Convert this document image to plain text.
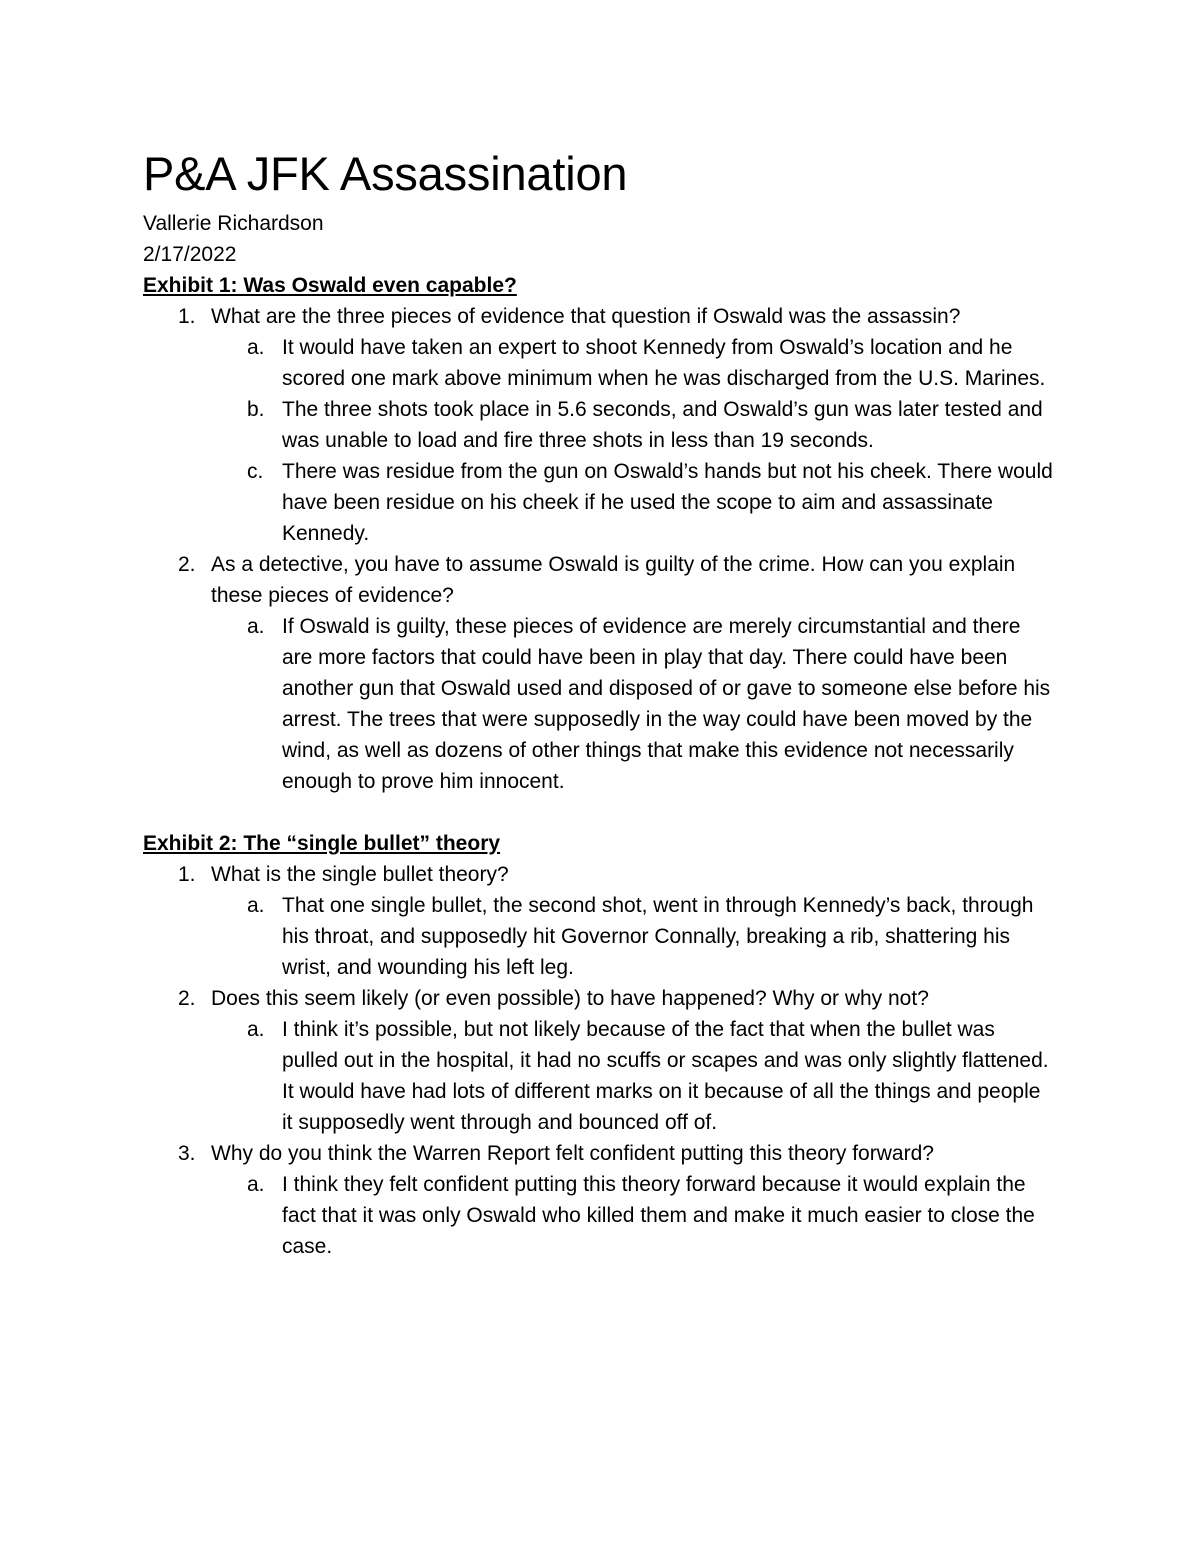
P&A JFK Assassination
Vallerie Richardson
2/17/2022
Exhibit 1: Was Oswald even capable?
1. What are the three pieces of evidence that question if Oswald was the assassin?
a. It would have taken an expert to shoot Kennedy from Oswald’s location and he scored one mark above minimum when he was discharged from the U.S. Marines.
b. The three shots took place in 5.6 seconds, and Oswald’s gun was later tested and was unable to load and fire three shots in less than 19 seconds.
c. There was residue from the gun on Oswald’s hands but not his cheek. There would have been residue on his cheek if he used the scope to aim and assassinate Kennedy.
2. As a detective, you have to assume Oswald is guilty of the crime. How can you explain these pieces of evidence?
a. If Oswald is guilty, these pieces of evidence are merely circumstantial and there are more factors that could have been in play that day. There could have been another gun that Oswald used and disposed of or gave to someone else before his arrest. The trees that were supposedly in the way could have been moved by the wind, as well as dozens of other things that make this evidence not necessarily enough to prove him innocent.
Exhibit 2: The “single bullet” theory
1. What is the single bullet theory?
a. That one single bullet, the second shot, went in through Kennedy’s back, through his throat, and supposedly hit Governor Connally, breaking a rib, shattering his wrist, and wounding his left leg.
2. Does this seem likely (or even possible) to have happened? Why or why not?
a. I think it’s possible, but not likely because of the fact that when the bullet was pulled out in the hospital, it had no scuffs or scapes and was only slightly flattened. It would have had lots of different marks on it because of all the things and people it supposedly went through and bounced off of.
3. Why do you think the Warren Report felt confident putting this theory forward?
a. I think they felt confident putting this theory forward because it would explain the fact that it was only Oswald who killed them and make it much easier to close the case.
